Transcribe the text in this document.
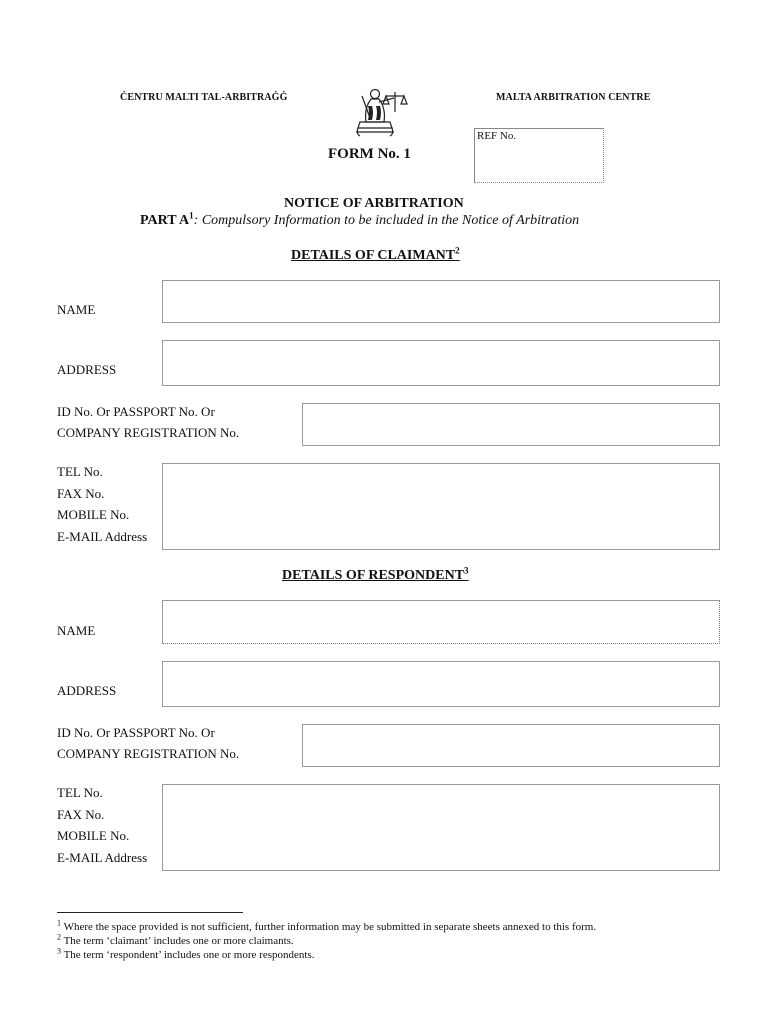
ĊENTRU MALTI TAL-ARBITRAĠĠ	MALTA ARBITRATION CENTRE
REF No.
FORM No. 1
NOTICE OF ARBITRATION
PART $A^1$: Compulsory Information to be included in the Notice of Arbitration
DETAILS OF CLAIMANT$^2$
NAME
ADDRESS
ID No. Or PASSPORT No. Or
COMPANY REGISTRATION No.
TEL No.
FAX No.
MOBILE No.
E-MAIL Address
DETAILS OF RESPONDENT$^3$
NAME
ADDRESS
ID No. Or PASSPORT No. Or
COMPANY REGISTRATION No.
TEL No.
FAX No.
MOBILE No.
E-MAIL Address
$^1$ Where the space provided is not sufficient, further information may be submitted in separate sheets annexed to this form.
$^2$ The term ‘claimant’ includes one or more claimants.
$^3$ The term ‘respondent’ includes one or more respondents.
